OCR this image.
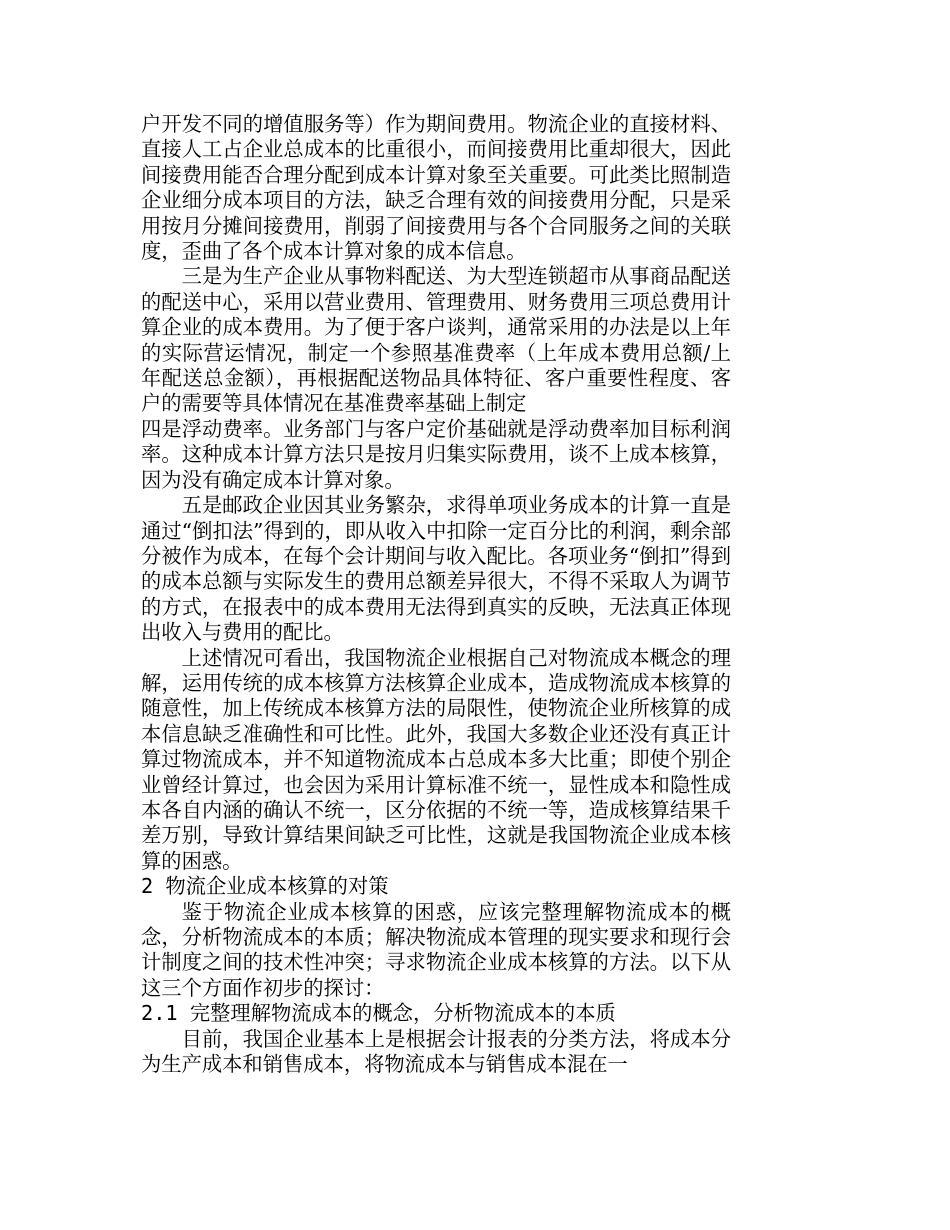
户开发不同的增值服务等）作为期间费用。物流企业的直接材料、直接人工占企业总成本的比重很小，而间接费用比重却很大，因此间接费用能否合理分配到成本计算对象至关重要。可此类比照制造企业细分成本项目的方法，缺乏合理有效的间接费用分配，只是采用按月分摊间接费用，削弱了间接费用与各个合同服务之间的关联度，歪曲了各个成本计算对象的成本信息。

三是为生产企业从事物料配送、为大型连锁超市从事商品配送的配送中心，采用以营业费用、管理费用、财务费用三项总费用计算企业的成本费用。为了便于客户谈判，通常采用的办法是以上年的实际营运情况，制定一个参照基准费率（上年成本费用总额/上年配送总金额），再根据配送物品具体特征、客户重要性程度、客户的需要等具体情况在基准费率基础上制定

四是浮动费率。业务部门与客户定价基础就是浮动费率加目标利润率。这种成本计算方法只是按月归集实际费用，谈不上成本核算，因为没有确定成本计算对象。

五是邮政企业因其业务繁杂，求得单项业务成本的计算一直是通过“倒扣法”得到的，即从收入中扣除一定百分比的利润，剩余部分被作为成本，在每个会计期间与收入配比。各项业务“倒扣”得到的成本总额与实际发生的费用总额差异很大，不得不采取人为调节的方式，在报表中的成本费用无法得到真实的反映，无法真正体现出收入与费用的配比。

上述情况可看出，我国物流企业根据自己对物流成本概念的理解，运用传统的成本核算方法核算企业成本，造成物流成本核算的随意性，加上传统成本核算方法的局限性，使物流企业所核算的成本信息缺乏准确性和可比性。此外，我国大多数企业还没有真正计算过物流成本，并不知道物流成本占总成本多大比重；即使个别企业曾经计算过，也会因为采用计算标准不统一，显性成本和隐性成本各自内涵的确认不统一，区分依据的不统一等，造成核算结果千差万别，导致计算结果间缺乏可比性，这就是我国物流企业成本核算的困惑。

2 物流企业成本核算的对策

鉴于物流企业成本核算的困惑，应该完整理解物流成本的概念，分析物流成本的本质；解决物流成本管理的现实要求和现行会计制度之间的技术性冲突；寻求物流企业成本核算的方法。以下从这三个方面作初步的探讨：

2.1 完整理解物流成本的概念，分析物流成本的本质

目前，我国企业基本上是根据会计报表的分类方法，将成本分为生产成本和销售成本，将物流成本与销售成本混在一
